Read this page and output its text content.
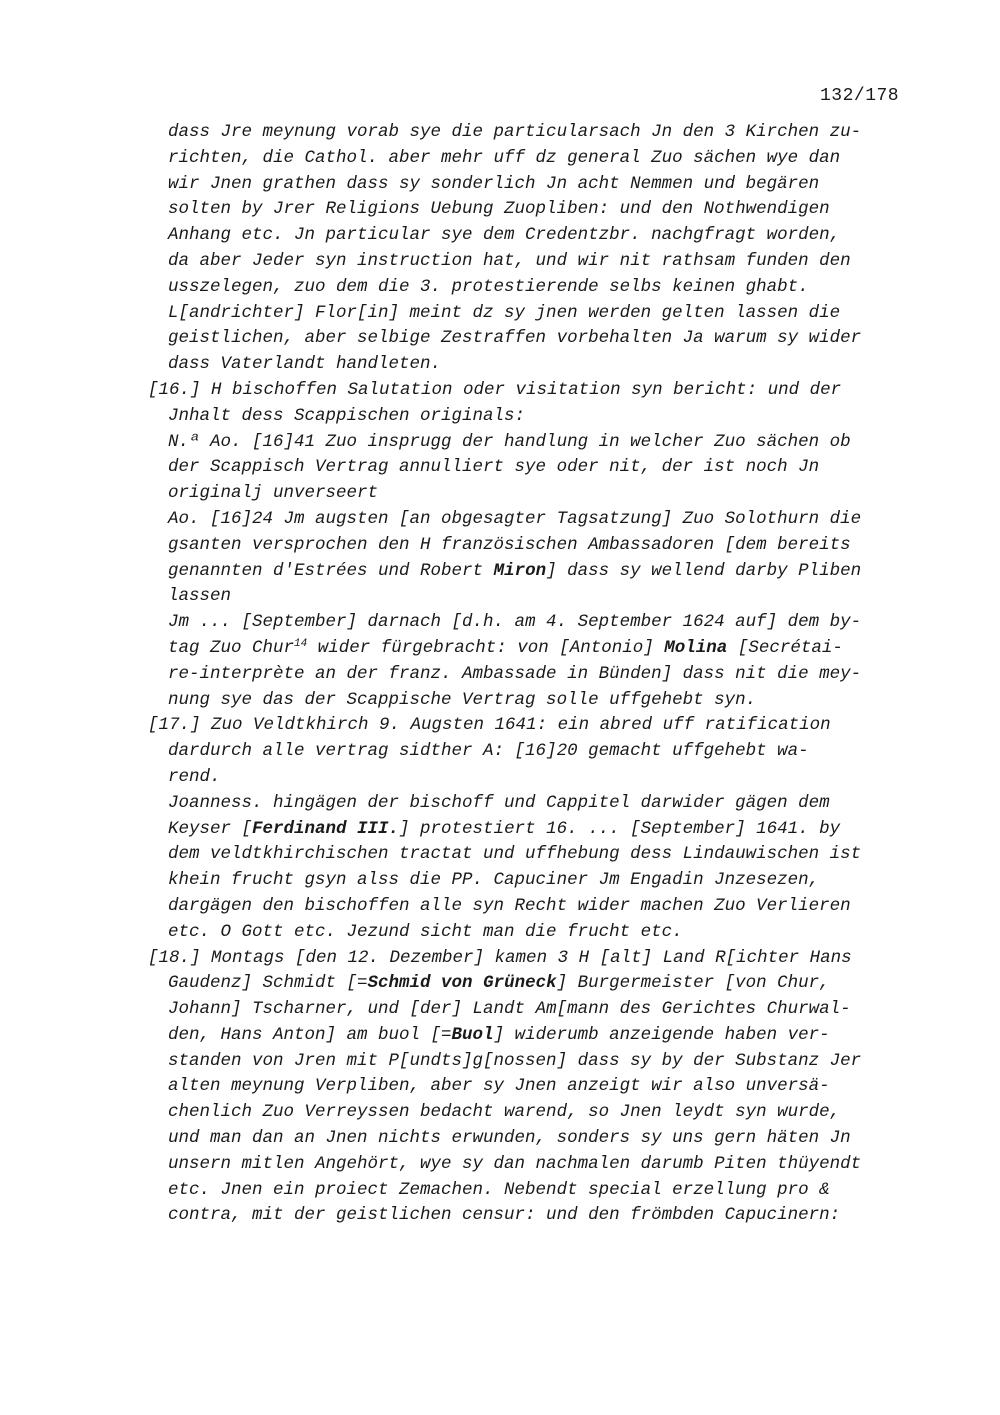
132/178
dass Jre meynung vorab sye die particularsach Jn den 3 Kirchen zu-
richten, die Cathol. aber mehr uff dz general Zuo sächen wye dan
wir Jnen grathen dass sy sonderlich Jn acht Nemmen und begären
solten by Jrer Religions Uebung Zuopliben: und den Nothwendigen
Anhang etc. Jn particular sye dem Credentzbr. nachgfragt worden,
da aber Jeder syn instruction hat, und wir nit rathsam funden den
usszelegen, zuo dem die 3. protestierende selbs keinen ghabt.
L[andrichter] Flor[in] meint dz sy jnen werden gelten lassen die
geistlichen, aber selbige Zestraffen vorbehalten Ja warum sy wider
dass Vaterlandt handleten.
[16.] H bischoffen Salutation oder visitation syn bericht: und der
Jnhalt dess Scappischen originals:
N.ª Ao. [16]41 Zuo insprugg der handlung in welcher Zuo sächen ob
der Scappisch Vertrag annulliert sye oder nit, der ist noch Jn
originalj unverseert
Ao. [16]24 Jm augsten [an obgesagter Tagsatzung] Zuo Solothurn die
gsanten versprochen den H französischen Ambassadoren [dem bereits
genannten d'Estrées und Robert Miron] dass sy wellend darby Pliben
lassen
Jm ... [September] darnach [d.h. am 4. September 1624 auf] dem by-
tag Zuo Chur$^{14}$ wider fürgebracht: von [Antonio] Molina [Secrétai-
re-interprète an der franz. Ambassade in Bünden] dass nit die mey-
nung sye das der Scappische Vertrag solle uffgehebt syn.
[17.] Zuo Veldtkhirch 9. Augsten 1641: ein abred uff ratification
dardurch alle vertrag sidther A: [16]20 gemacht uffgehebt wa-
rend.
Joanness. hingägen der bischoff und Cappitel darwider gägen dem
Keyser [Ferdinand III.] protestiert 16. ... [September] 1641. by
dem veldtkhirchischen tractat und uffhebung dess Lindauwischen ist
khein frucht gsyn alss die PP. Capuciner Jm Engadin Jnzesezen,
dargägen den bischoffen alle syn Recht wider machen Zuo Verlieren
etc. O Gott etc. Jezund sicht man die frucht etc.
[18.] Montags [den 12. Dezember] kamen 3 H [alt] Land R[ichter Hans
Gaudenz] Schmidt [=Schmid von Grüneck] Burgermeister [von Chur,
Johann] Tscharner, und [der] Landt Am[mann des Gerichtes Churwal-
den, Hans Anton] am buol [=Buol] widerumb anzeigende haben ver-
standen von Jren mit P[undts]g[nossen] dass sy by der Substanz Jer
alten meynung Verpliben, aber sy Jnen anzeigt wir also unversä-
chenlich Zuo Verreyssen bedacht warend, so Jnen leydt syn wurde,
und man dan an Jnen nichts erwunden, sonders sy uns gern häten Jn
unsern mitlen Angehört, wye sy dan nachmalen darumb Piten thüyendt
etc. Jnen ein proiect Zemachen. Nebendt special erzellung pro &
contra, mit der geistlichen censur: und den frömbden Capucinern:
